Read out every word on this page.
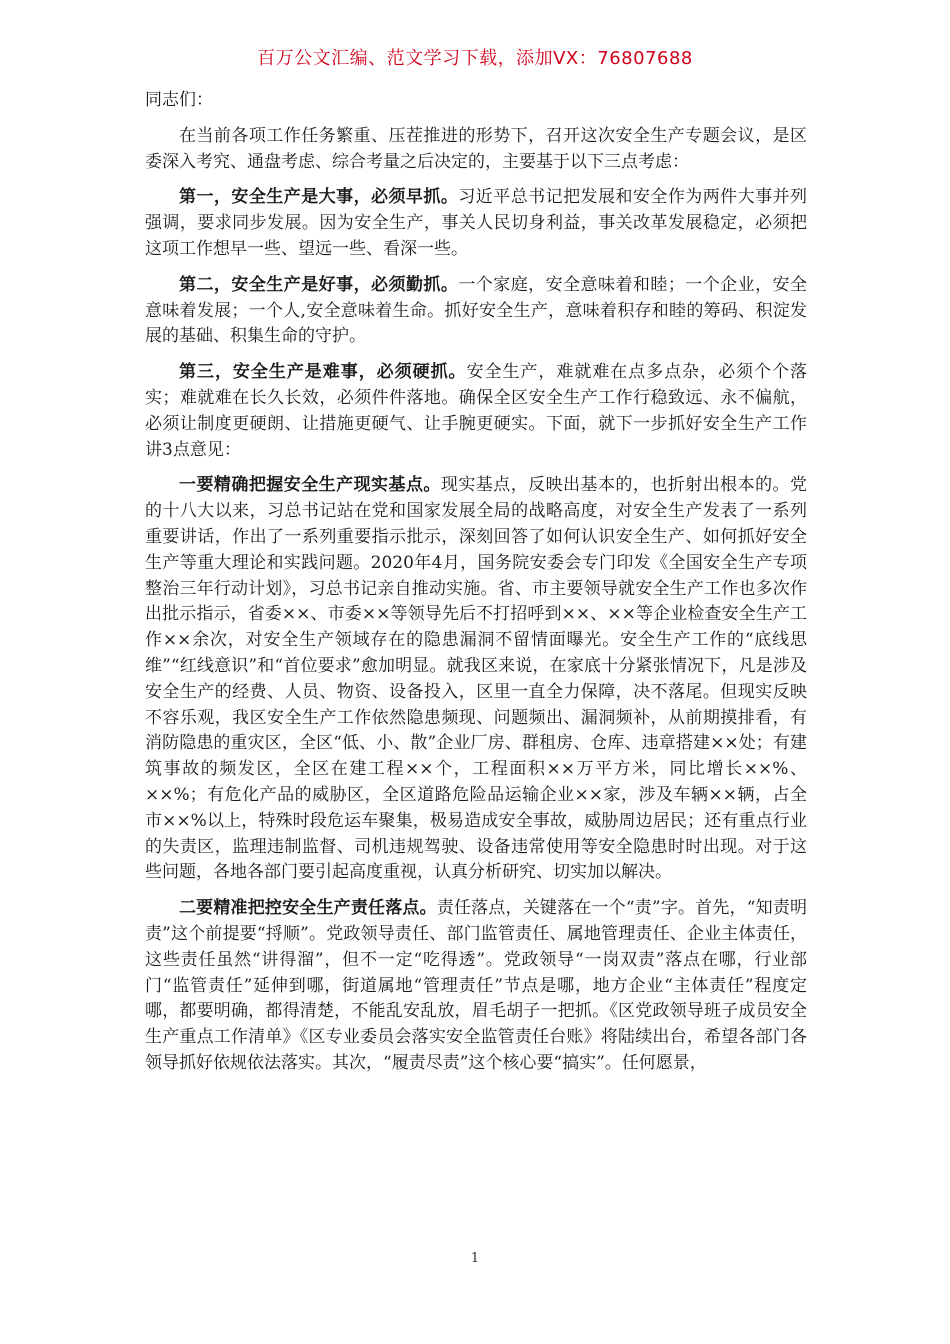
百万公文汇编、范文学习下载，添加VX：76807688

同志们：

在当前各项工作任务繁重、压茬推进的形势下，召开这次安全生产专题会议，是区委深入考究、通盘考虑、综合考量之后决定的，主要基于以下三点考虑：

第一，安全生产是大事，必须早抓。习近平总书记把发展和安全作为两件大事并列强调，要求同步发展。因为安全生产，事关人民切身利益，事关改革发展稳定，必须把这项工作想早一些、望远一些、看深一些。

第二，安全生产是好事，必须勤抓。一个家庭，安全意味着和睦；一个企业，安全意味着发展；一个人,安全意味着生命。抓好安全生产，意味着积存和睦的筹码、积淀发展的基础、积集生命的守护。

第三，安全生产是难事，必须硬抓。安全生产，难就难在点多点杂，必须个个落实；难就难在长久长效，必须件件落地。确保全区安全生产工作行稳致远、永不偏航，必须让制度更硬朗、让措施更硬气、让手腕更硬实。下面，就下一步抓好安全生产工作讲3点意见：

一要精确把握安全生产现实基点。现实基点，反映出基本的，也折射出根本的。党的十八大以来，习总书记站在党和国家发展全局的战略高度，对安全生产发表了一系列重要讲话，作出了一系列重要指示批示，深刻回答了如何认识安全生产、如何抓好安全生产等重大理论和实践问题。2020年4月，国务院安委会专门印发《全国安全生产专项整治三年行动计划》，习总书记亲自推动实施。省、市主要领导就安全生产工作也多次作出批示指示，省委××、市委××等领导先后不打招呼到××、××等企业检查安全生产工作××余次，对安全生产领域存在的隐患漏洞不留情面曝光。安全生产工作的“底线思维”“红线意识”和“首位要求”愈加明显。就我区来说，在家底十分紧张情况下，凡是涉及安全生产的经费、人员、物资、设备投入，区里一直全力保障，决不落尾。但现实反映不容乐观，我区安全生产工作依然隐患频现、问题频出、漏洞频补，从前期摸排看，有消防隐患的重灾区，全区“低、小、散”企业厂房、群租房、仓库、违章搭建××处；有建筑事故的频发区，全区在建工程××个，工程面积××万平方米，同比增长××%、××%；有危化产品的威胁区，全区道路危险品运输企业××家，涉及车辆××辆，占全市××%以上，特殊时段危运车聚集，极易造成安全事故，威胁周边居民；还有重点行业的失责区，监理违制监督、司机违规驾驶、设备违常使用等安全隐患时时出现。对于这些问题，各地各部门要引起高度重视，认真分析研究、切实加以解决。

二要精准把控安全生产责任落点。责任落点，关键落在一个“责”字。首先，“知责明责”这个前提要“捋顺”。党政领导责任、部门监管责任、属地管理责任、企业主体责任，这些责任虽然“讲得溜”，但不一定“吃得透”。党政领导“一岗双责”落点在哪，行业部门“监管责任”延伸到哪，街道属地“管理责任”节点是哪，地方企业“主体责任”程度定哪，都要明确，都得清楚，不能乱安乱放，眉毛胡子一把抓。《区党政领导班子成员安全生产重点工作清单》《区专业委员会落实安全监管责任台账》将陆续出台，希望各部门各领导抓好依规依法落实。其次，“履责尽责”这个核心要“搞实”。任何愿景，

1
